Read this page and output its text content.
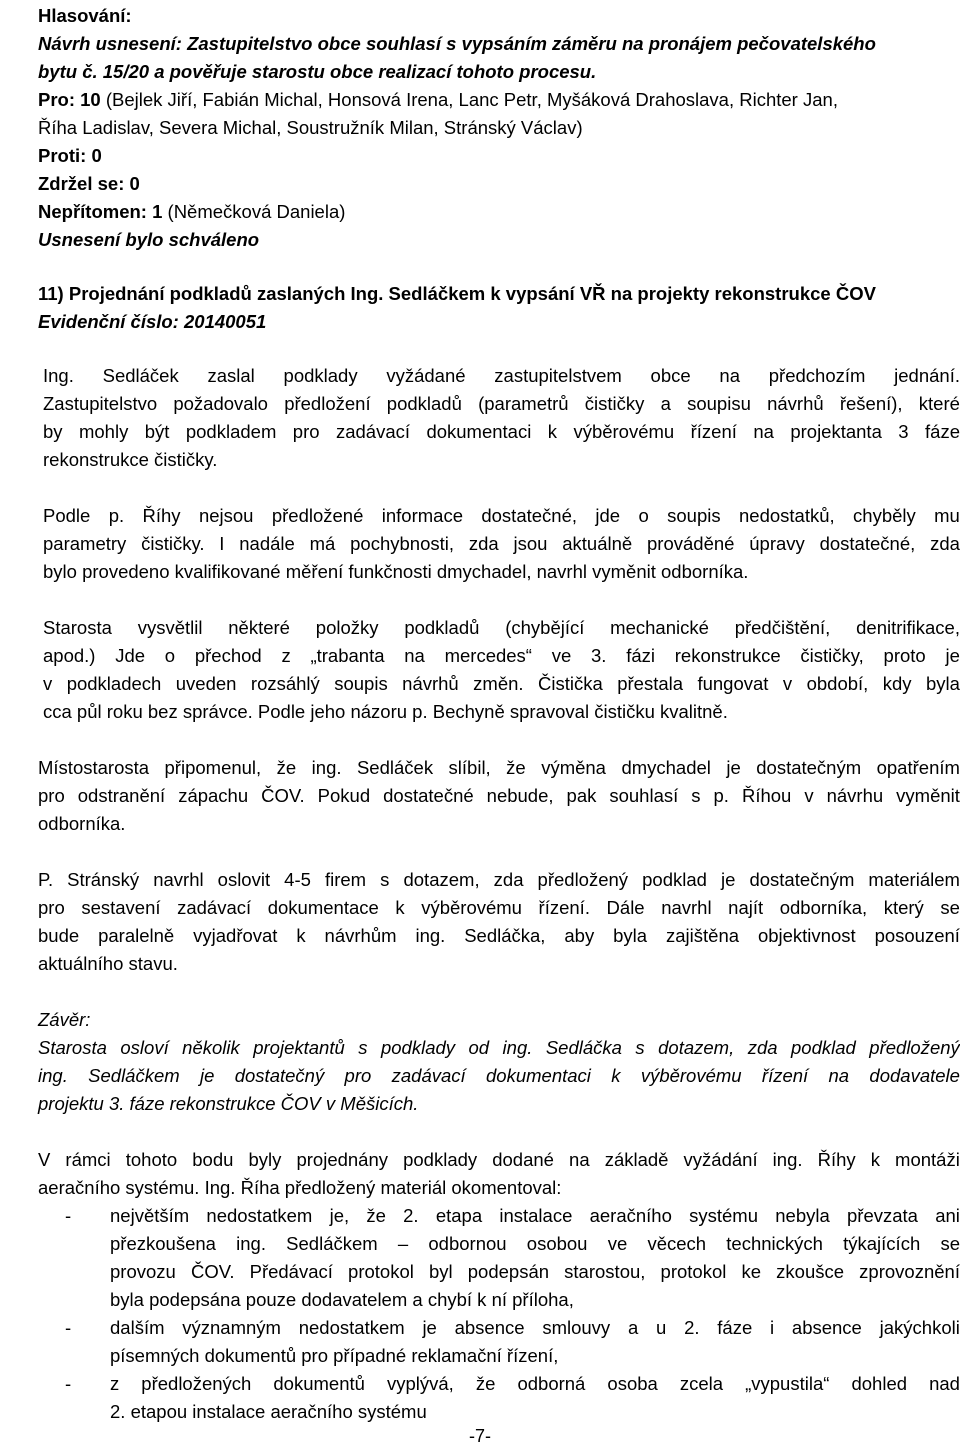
Hlasování:
Návrh usnesení: Zastupitelstvo obce souhlasí s vypsáním záměru na pronájem pečovatelského
bytu č. 15/20 a pověřuje starostu obce realizací tohoto procesu.
Pro: 10 (Bejlek Jiří, Fabián Michal, Honsová Irena, Lanc Petr, Myšáková Drahoslava, Richter Jan,
Říha Ladislav, Severa Michal, Soustružník Milan, Stránský Václav)
Proti: 0
Zdržel se: 0
Nepřítomen: 1 (Němečková Daniela)
Usnesení bylo schváleno
11) Projednání podkladů zaslaných Ing. Sedláčkem k vypsání VŘ na projekty rekonstrukce ČOV
Evidenční číslo: 20140051
Ing. Sedláček zaslal podklady vyžádané zastupitelstvem obce na předchozím jednání.
Zastupitelstvo požadovalo předložení podkladů (parametrů čističky a soupisu návrhů řešení), které
by mohly být podkladem pro zadávací dokumentaci k výběrovému řízení na projektanta 3 fáze
rekonstrukce čističky.
Podle p. Říhy nejsou předložené informace dostatečné, jde o soupis nedostatků, chyběly mu
parametry čističky. I nadále má pochybnosti, zda jsou aktuálně prováděné úpravy dostatečné, zda
bylo provedeno kvalifikované měření funkčnosti dmychadel, navrhl vyměnit odborníka.
Starosta vysvětlil některé položky podkladů (chybějící mechanické předčištění, denitrifikace,
apod.) Jde o přechod z „trabanta na mercedes“ ve 3. fázi rekonstrukce čističky, proto je
v podkladech uveden rozsáhlý soupis návrhů změn. Čistička přestala fungovat v období, kdy byla
cca půl roku bez správce. Podle jeho názoru p. Bechyně spravoval čističku kvalitně.
Místostarosta připomenul, že ing. Sedláček slíbil, že výměna dmychadel je dostatečným opatřením
pro odstranění zápachu ČOV. Pokud dostatečné nebude, pak souhlasí s p. Říhou v návrhu vyměnit
odborníka.
P. Stránský navrhl oslovit 4-5 firem s dotazem, zda předložený podklad je dostatečným materiálem
pro sestavení zadávací dokumentace k výběrovému řízení. Dále navrhl najít odborníka, který se
bude paralelně vyjadřovat k návrhům ing. Sedláčka, aby byla zajištěna objektivnost posouzení
aktuálního stavu.
Závěr:
Starosta osloví několik projektantů s podklady od ing. Sedláčka s dotazem, zda podklad předložený
ing. Sedláčkem je dostatečný pro zadávací dokumentaci k výběrovému řízení na dodavatele
projektu 3. fáze rekonstrukce ČOV v Měšicích.
V rámci tohoto bodu byly projednány podklady dodané na základě vyžádání ing. Říhy k montáži
aeračního systému. Ing. Říha předložený materiál okomentoval:
- největším nedostatkem je, že 2. etapa instalace aeračního systému nebyla převzata ani
přezkoušena ing. Sedláčkem – odbornou osobou ve věcech technických týkajících se
provozu ČOV. Předávací protokol byl podepsán starostou, protokol ke zkoušce zprovoznění
byla podepsána pouze dodavatelem a chybí k ní příloha,
- dalším významným nedostatkem je absence smlouvy a u 2. fáze i absence jakýchkoli
písemných dokumentů pro případné reklamační řízení,
- z předložených dokumentů vyplývá, že odborná osoba zcela „vypustila“ dohled nad
2. etapou instalace aeračního systému
-7-
